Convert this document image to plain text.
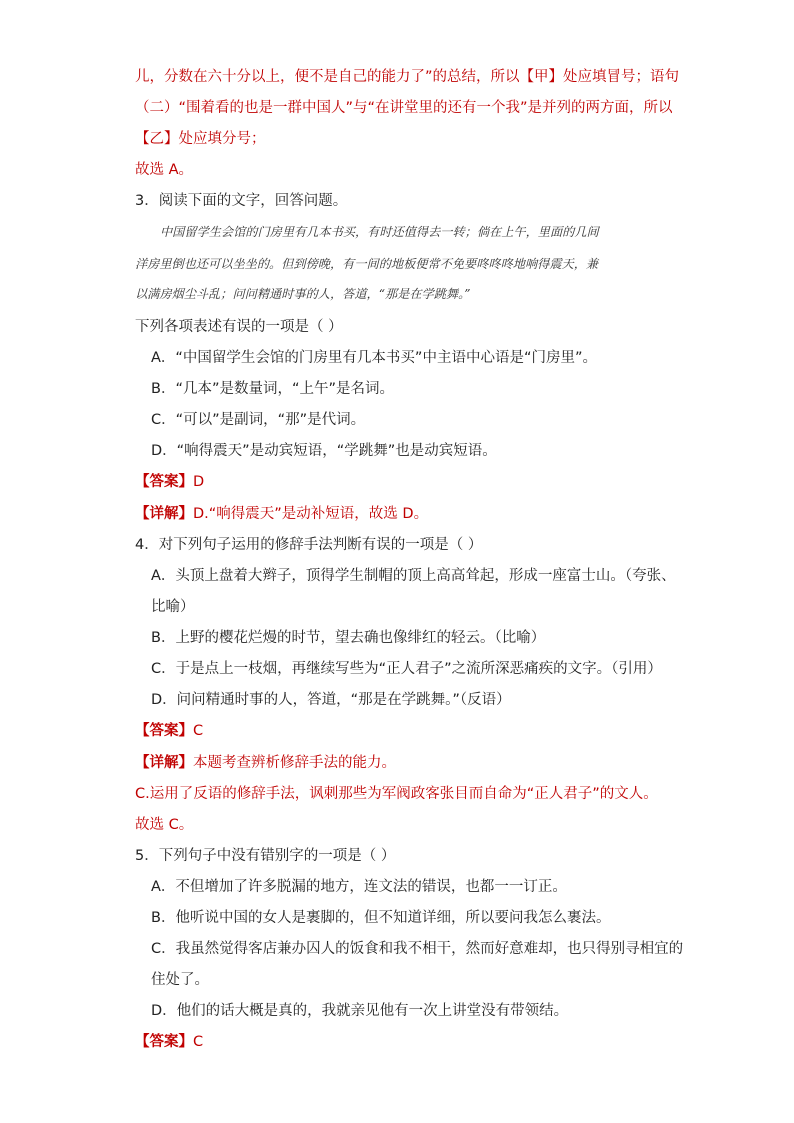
儿，分数在六十分以上，便不是自己的能力了”的总结，所以【甲】处应填冒号；语句
（二）“围着看的也是一群中国人”与“在讲堂里的还有一个我”是并列的两方面，所以
【乙】处应填分号；
故选 A。
3．阅读下面的文字，回答问题。
中国留学生会馆的门房里有几本书买，有时还值得去一转；倘在上午，里面的几间
洋房里倒也还可以坐坐的。但到傍晚，有一间的地板便常不免要咚咚咚地响得震天，兼
以满房烟尘斗乱；问问精通时事的人，答道，“那是在学跳舞。”
下列各项表述有误的一项是（ ）
A．“中国留学生会馆的门房里有几本书买”中主语中心语是“门房里”。
B．“几本”是数量词，“上午”是名词。
C．“可以”是副词，“那”是代词。
D．“响得震天”是动宾短语，“学跳舞”也是动宾短语。
【答案】D
【详解】D.“响得震天”是动补短语，故选 D。
4．对下列句子运用的修辞手法判断有误的一项是（ ）
A．头顶上盘着大辫子，顶得学生制帽的顶上高高耸起，形成一座富士山。（夸张、
比喻）
B．上野的樱花烂熳的时节，望去确也像绯红的轻云。（比喻）
C．于是点上一枝烟，再继续写些为“正人君子”之流所深恶痛疾的文字。（引用）
D．问问精通时事的人，答道，“那是在学跳舞。”（反语）
【答案】C
【详解】本题考查辨析修辞手法的能力。
C.运用了反语的修辞手法，讽刺那些为军阀政客张目而自命为“正人君子”的文人。
故选 C。
5．下列句子中没有错别字的一项是（ ）
A．不但增加了许多脱漏的地方，连文法的错误，也都一一订正。
B．他听说中国的女人是裹脚的，但不知道详细，所以要问我怎么裹法。
C．我虽然觉得客店兼办囚人的饭食和我不相干，然而好意难却，也只得别寻相宜的
住处了。
D．他们的话大概是真的，我就亲见他有一次上讲堂没有带领结。
【答案】C
